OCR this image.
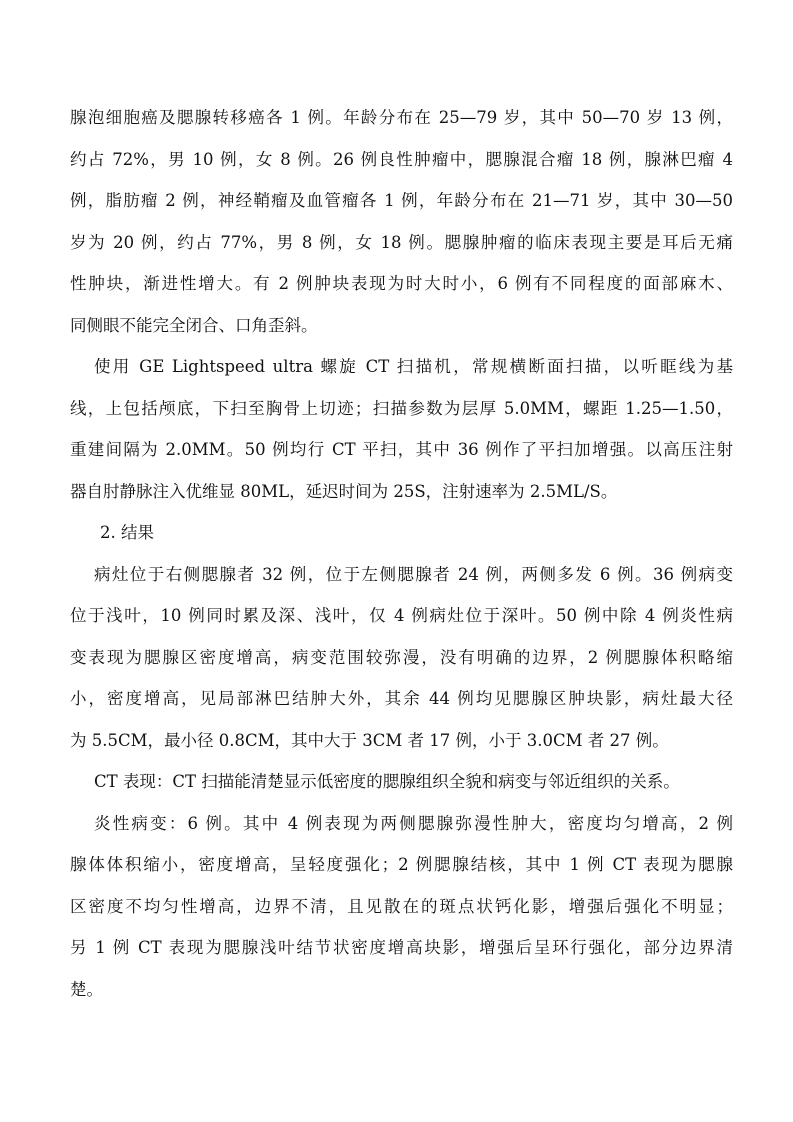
腺泡细胞癌及腮腺转移癌各 1 例。年龄分布在 25—79 岁，其中 50—70 岁 13 例，
约占 72%，男 10 例，女 8 例。26 例良性肿瘤中，腮腺混合瘤 18 例，腺淋巴瘤 4
例，脂肪瘤 2 例，神经鞘瘤及血管瘤各 1 例，年龄分布在 21—71 岁，其中 30—50
岁为 20 例，约占 77%，男 8 例，女 18 例。腮腺肿瘤的临床表现主要是耳后无痛
性肿块，渐进性增大。有 2 例肿块表现为时大时小，6 例有不同程度的面部麻木、
同侧眼不能完全闭合、口角歪斜。
使用 GE Lightspeed ultra 螺旋 CT 扫描机，常规横断面扫描，以听眶线为基
线，上包括颅底，下扫至胸骨上切迹；扫描参数为层厚 5.0MM，螺距 1.25—1.50，
重建间隔为 2.0MM。50 例均行 CT 平扫，其中 36 例作了平扫加增强。以高压注射
器自肘静脉注入优维显 80ML，延迟时间为 25S，注射速率为 2.5ML/S。
2. 结果
病灶位于右侧腮腺者 32 例，位于左侧腮腺者 24 例，两侧多发 6 例。36 例病变
位于浅叶，10 例同时累及深、浅叶，仅 4 例病灶位于深叶。50 例中除 4 例炎性病
变表现为腮腺区密度增高，病变范围较弥漫，没有明确的边界，2 例腮腺体积略缩
小，密度增高，见局部淋巴结肿大外，其余 44 例均见腮腺区肿块影，病灶最大径
为 5.5CM，最小径 0.8CM，其中大于 3CM 者 17 例，小于 3.0CM 者 27 例。
CT 表现：CT 扫描能清楚显示低密度的腮腺组织全貌和病变与邻近组织的关系。
炎性病变：6 例。其中 4 例表现为两侧腮腺弥漫性肿大，密度均匀增高，2 例
腺体体积缩小，密度增高，呈轻度强化；2 例腮腺结核，其中 1 例 CT 表现为腮腺
区密度不均匀性增高，边界不清，且见散在的斑点状钙化影，增强后强化不明显；
另 1 例 CT 表现为腮腺浅叶结节状密度增高块影，增强后呈环行强化，部分边界清
楚。
